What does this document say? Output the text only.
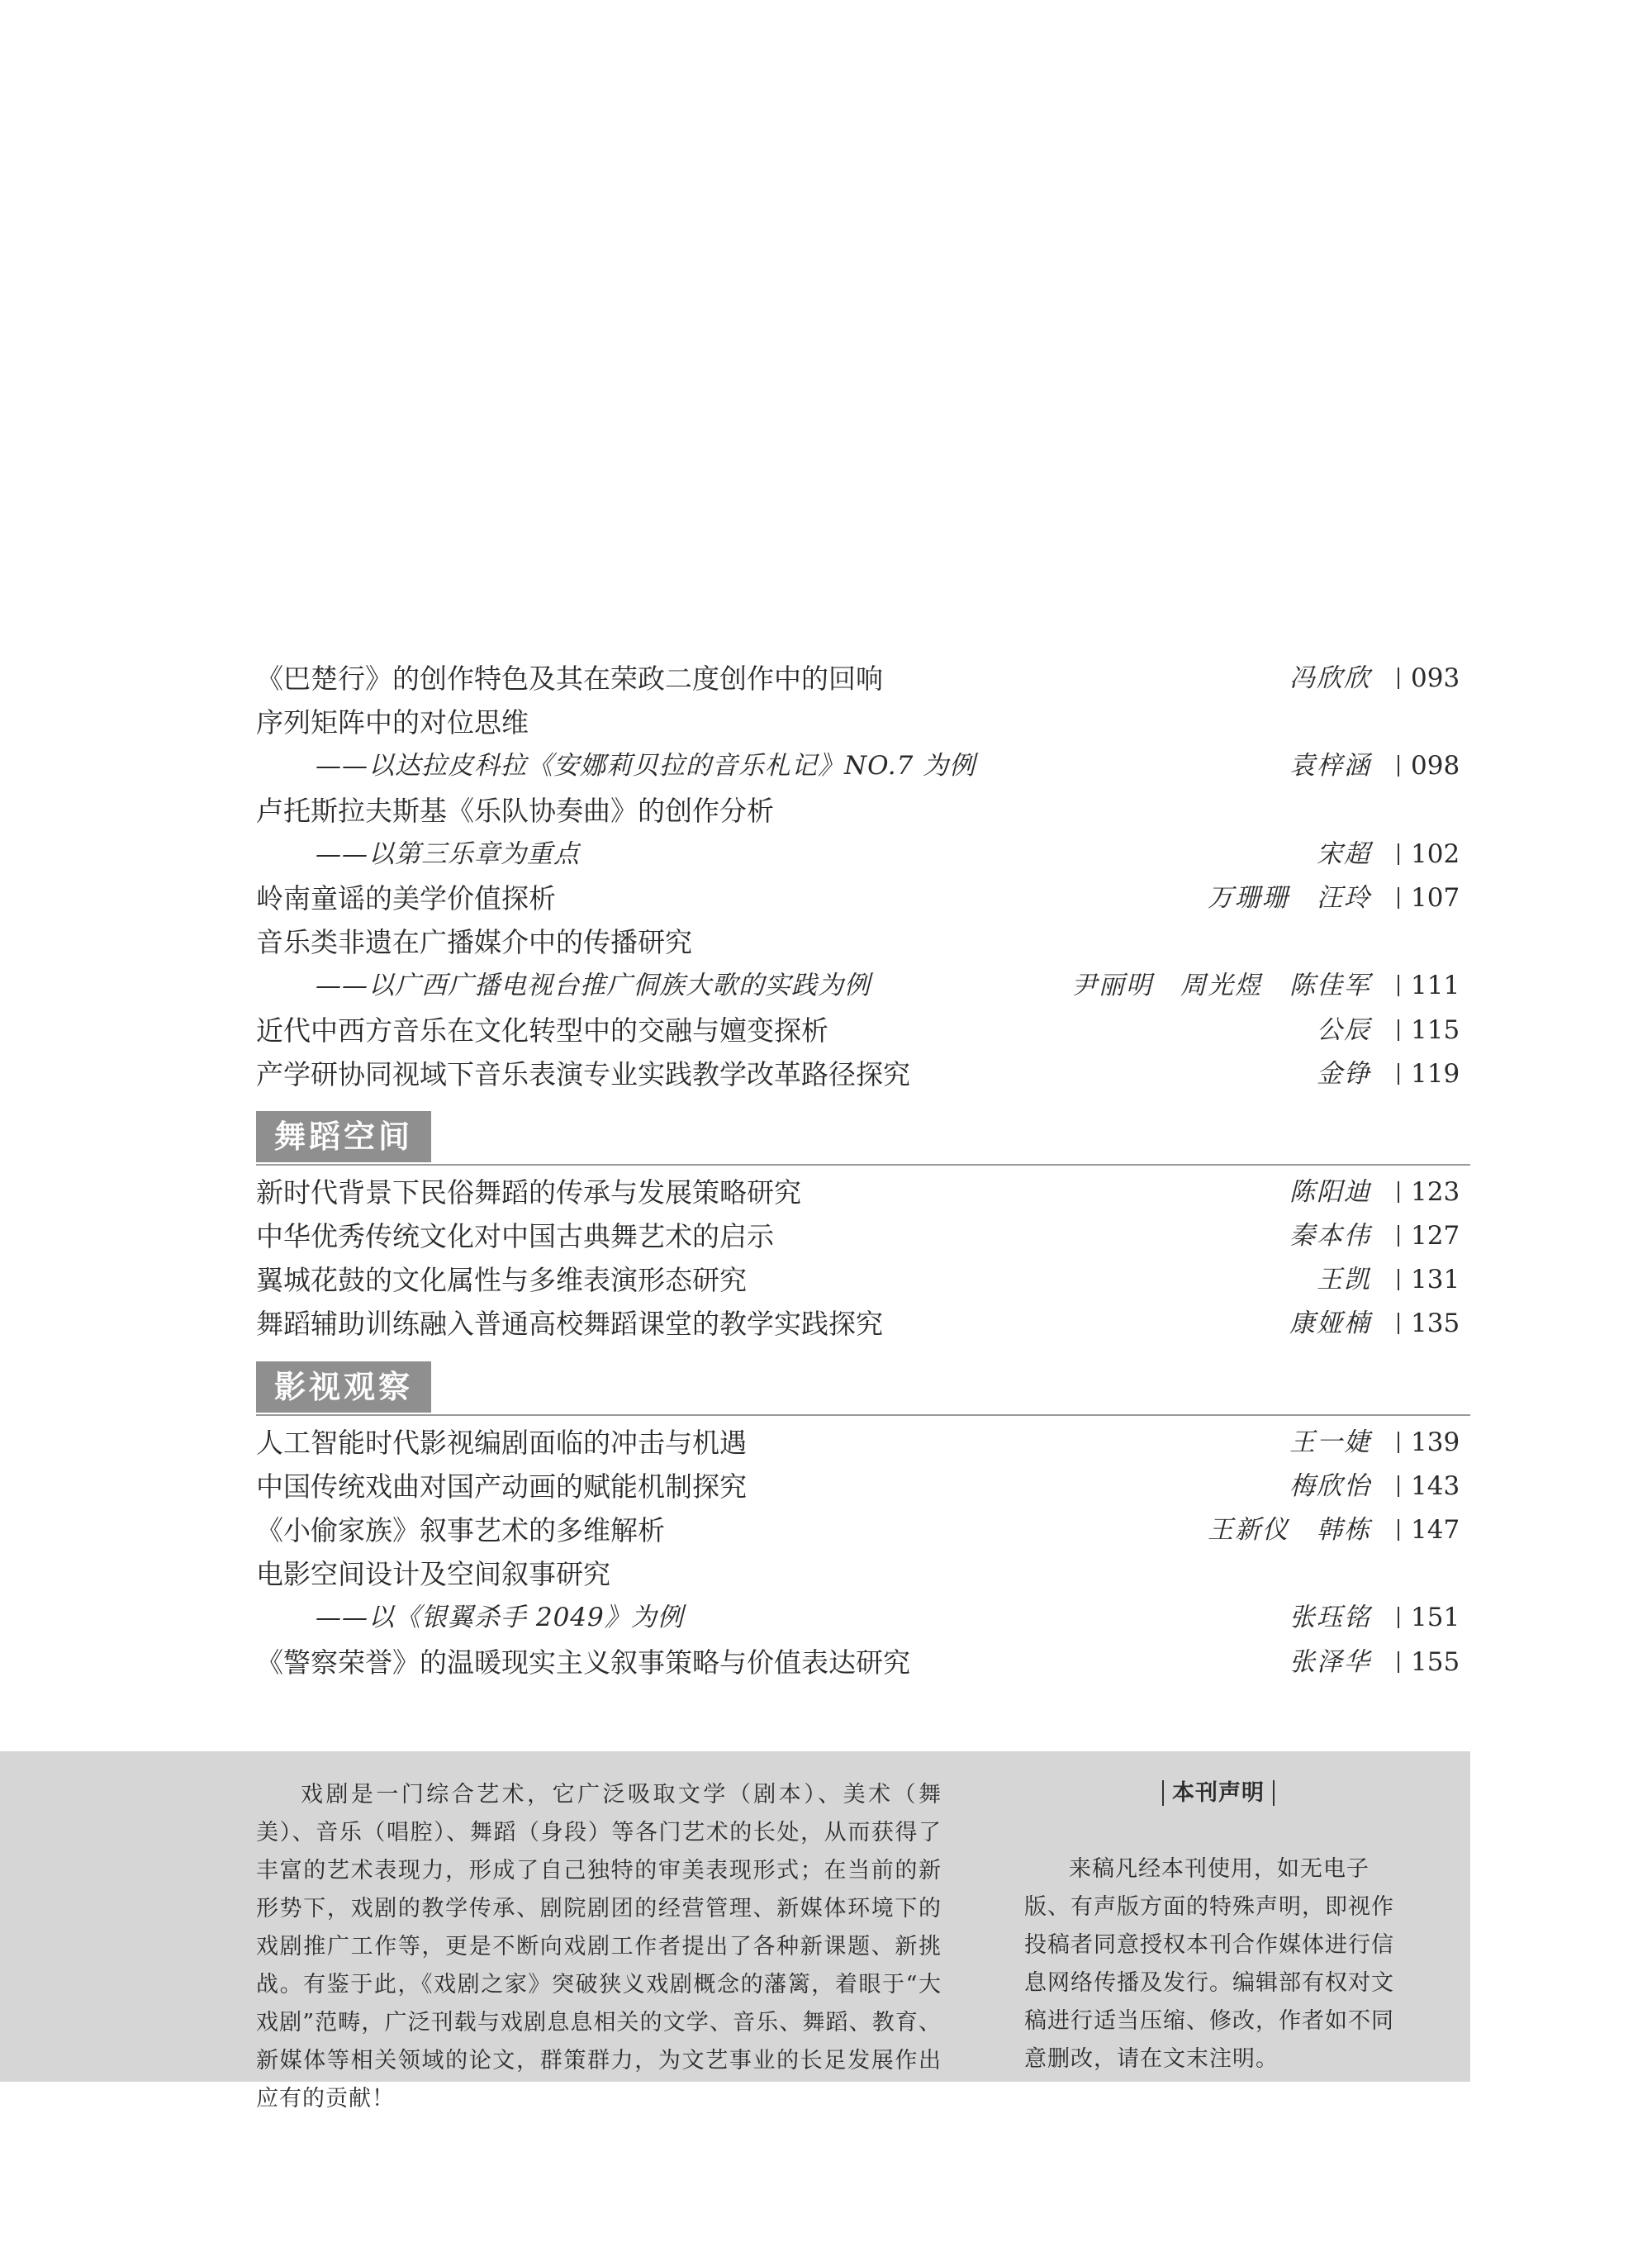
《巴楚行》的创作特色及其在荣政二度创作中的回响	冯欣欣	093
序列矩阵中的对位思维
——以达拉皮科拉《安娜莉贝拉的音乐札记》NO.7 为例	袁梓涵	098
卢托斯拉夫斯基《乐队协奏曲》的创作分析
——以第三乐章为重点	宋超	102
岭南童谣的美学价值探析	万珊珊　汪玲	107
音乐类非遗在广播媒介中的传播研究
——以广西广播电视台推广侗族大歌的实践为例	尹丽明　周光煜　陈佳军	111
近代中西方音乐在文化转型中的交融与嬗变探析	公辰	115
产学研协同视域下音乐表演专业实践教学改革路径探究	金铮	119
舞蹈空间
新时代背景下民俗舞蹈的传承与发展策略研究	陈阳迪	123
中华优秀传统文化对中国古典舞艺术的启示	秦本伟	127
翼城花鼓的文化属性与多维表演形态研究	王凯	131
舞蹈辅助训练融入普通高校舞蹈课堂的教学实践探究	康娅楠	135
影视观察
人工智能时代影视编剧面临的冲击与机遇	王一婕	139
中国传统戏曲对国产动画的赋能机制探究	梅欣怡	143
《小偷家族》叙事艺术的多维解析	王新仪　韩栋	147
电影空间设计及空间叙事研究
——以《银翼杀手 2049》为例	张珏铭	151
《警察荣誉》的温暖现实主义叙事策略与价值表达研究	张泽华	155

戏剧是一门综合艺术，它广泛吸取文学（剧本）、美术（舞美）、音乐（唱腔）、舞蹈（身段）等各门艺术的长处，从而获得了丰富的艺术表现力，形成了自己独特的审美表现形式；在当前的新形势下，戏剧的教学传承、剧院剧团的经营管理、新媒体环境下的戏剧推广工作等，更是不断向戏剧工作者提出了各种新课题、新挑战。有鉴于此，《戏剧之家》突破狭义戏剧概念的藩篱，着眼于“大戏剧”范畴，广泛刊载与戏剧息息相关的文学、音乐、舞蹈、教育、新媒体等相关领域的论文，群策群力，为文艺事业的长足发展作出应有的贡献！

本刊声明

来稿凡经本刊使用，如无电子版、有声版方面的特殊声明，即视作投稿者同意授权本刊合作媒体进行信息网络传播及发行。编辑部有权对文稿进行适当压缩、修改，作者如不同意删改，请在文末注明。
